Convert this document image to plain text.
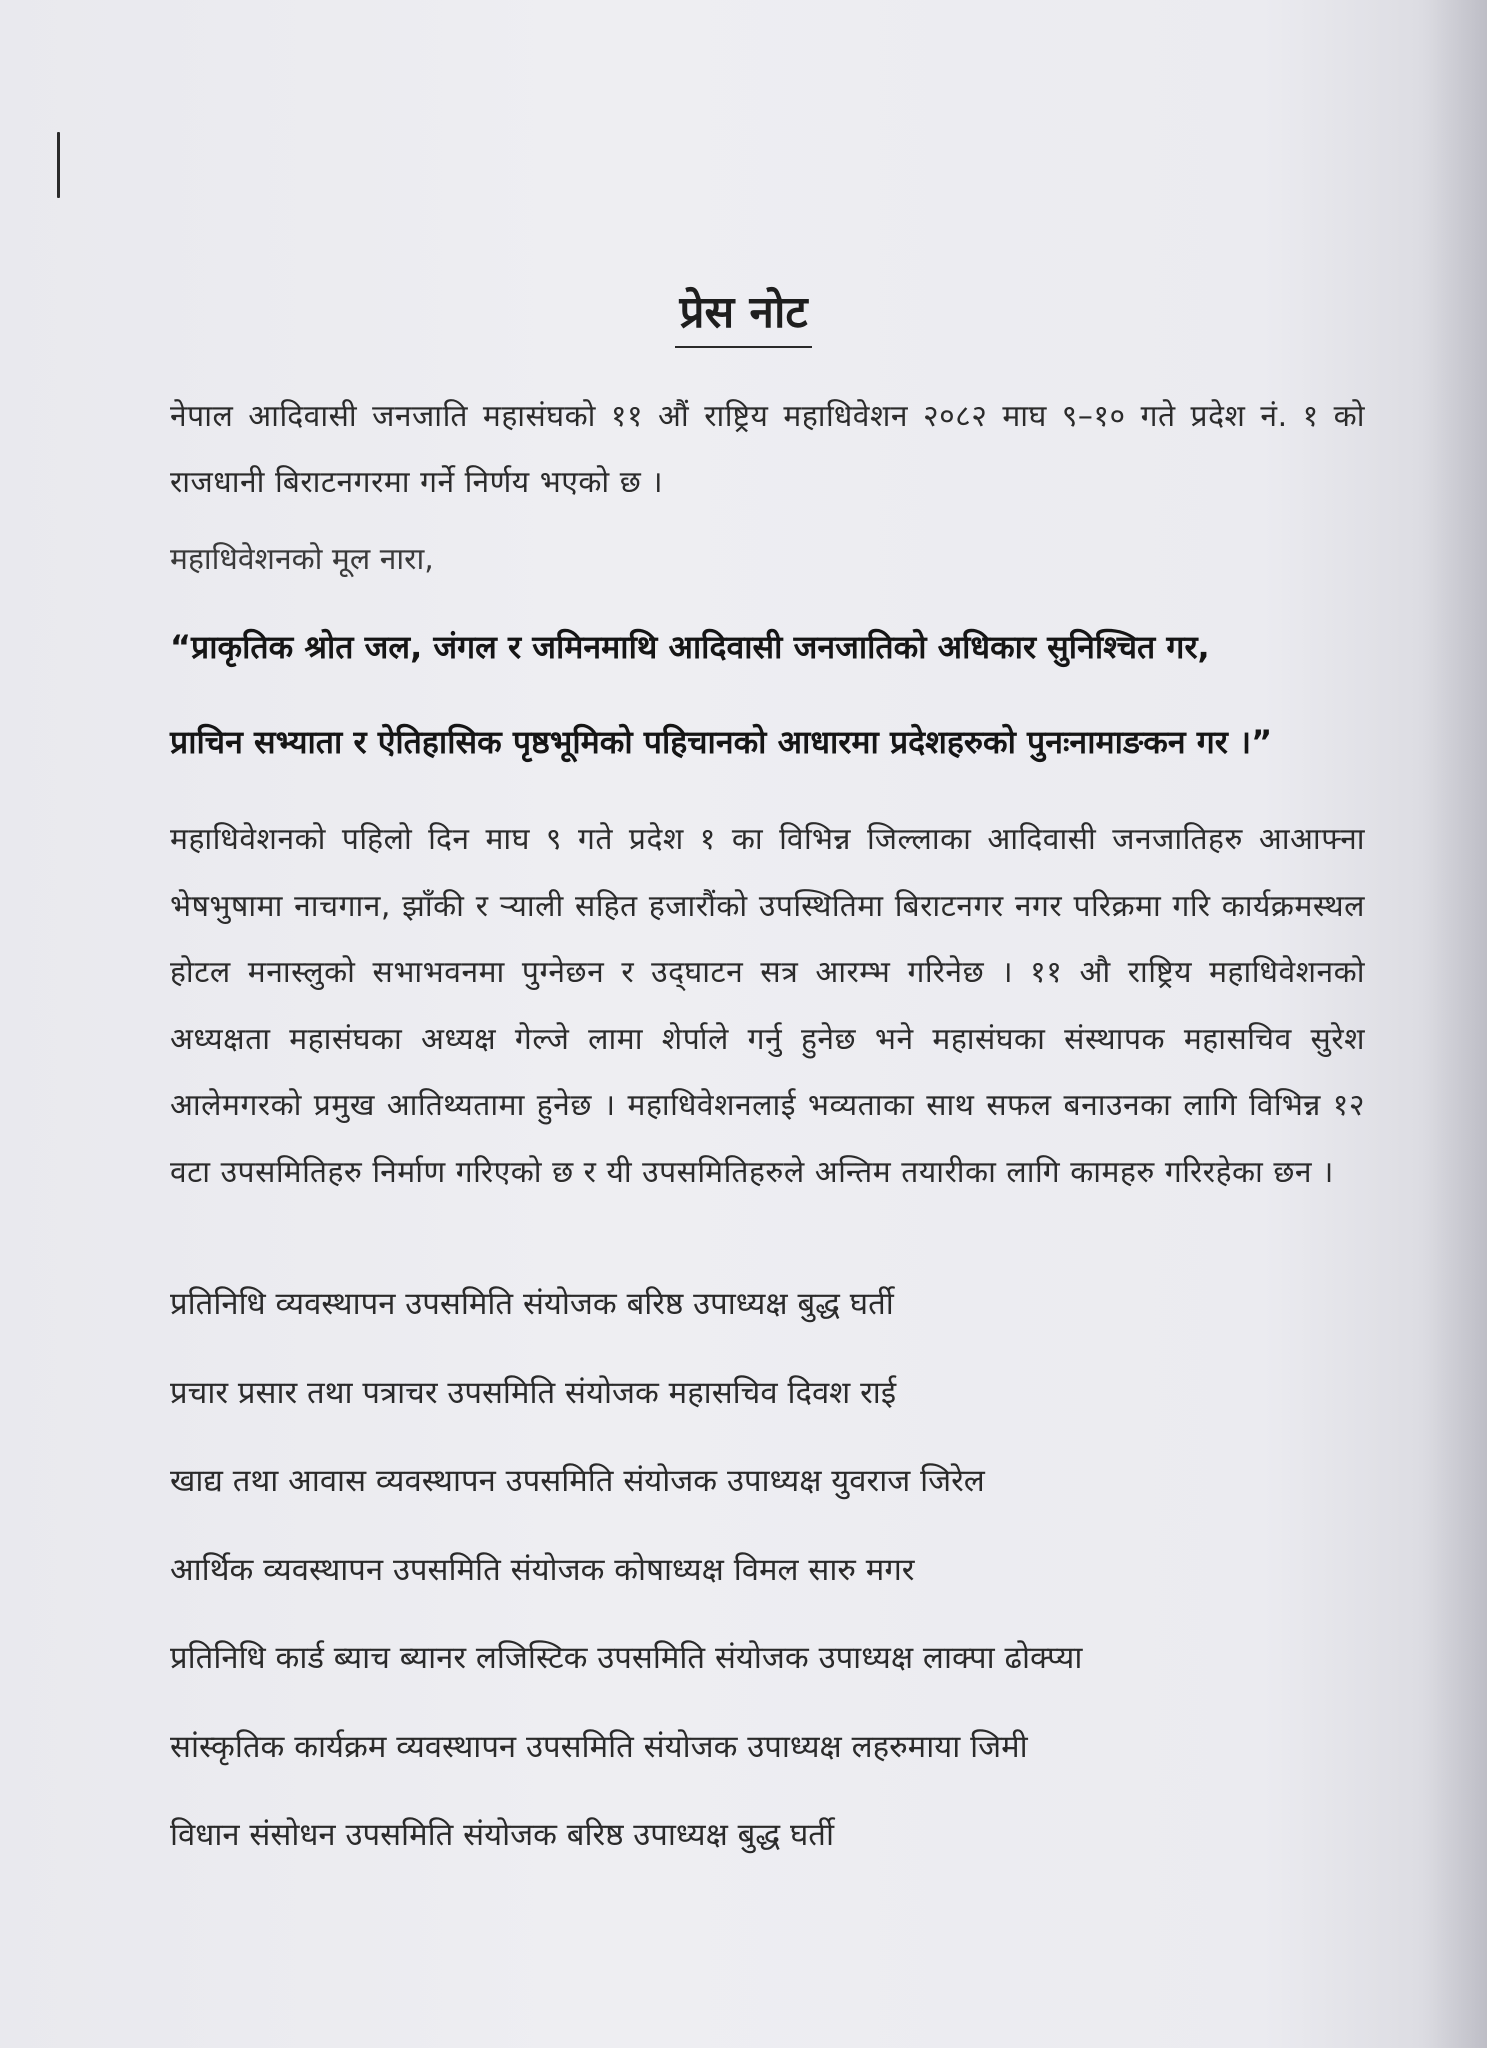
प्रेस नोट
नेपाल आदिवासी जनजाति महासंघको ११ औं राष्ट्रिय महाधिवेशन २०८२ माघ ९–१० गते प्रदेश नं. १ को राजधानी बिराटनगरमा गर्ने निर्णय भएको छ ।
महाधिवेशनको मूल नारा,
“प्राकृतिक श्रोत जल, जंगल र जमिनमाथि आदिवासी जनजातिको अधिकार सुनिश्चित गर,
प्राचिन सभ्याता र ऐतिहासिक पृष्ठभूमिको पहिचानको आधारमा प्रदेशहरुको पुनःनामाङकन गर ।”
महाधिवेशनको पहिलो दिन माघ ९ गते प्रदेश १ का विभिन्न जिल्लाका आदिवासी जनजातिहरु आआफ्ना भेषभुषामा नाचगान, झाँकी र र्‍याली सहित हजारौंको उपस्थितिमा बिराटनगर नगर परिक्रमा गरि कार्यक्रमस्थल होटल मनास्लुको सभाभवनमा पुग्नेछन र उद्‌घाटन सत्र आरम्भ गरिनेछ । ११ औ राष्ट्रिय महाधिवेशनको अध्यक्षता महासंघका अध्यक्ष गेल्जे लामा शेर्पाले गर्नु हुनेछ भने महासंघका संस्थापक महासचिव सुरेश आलेमगरको प्रमुख आतिथ्यतामा हुनेछ । महाधिवेशनलाई भव्यताका साथ सफल बनाउनका लागि विभिन्न १२ वटा उपसमितिहरु निर्माण गरिएको छ र यी उपसमितिहरुले अन्तिम तयारीका लागि कामहरु गरिरहेका छन ।
प्रतिनिधि व्यवस्थापन उपसमिति संयोजक बरिष्ठ उपाध्यक्ष बुद्ध घर्ती
प्रचार प्रसार तथा पत्राचर उपसमिति संयोजक महासचिव दिवश राई
खाद्य तथा आवास व्यवस्थापन उपसमिति संयोजक उपाध्यक्ष युवराज जिरेल
आर्थिक व्यवस्थापन उपसमिति संयोजक कोषाध्यक्ष विमल सारु मगर
प्रतिनिधि कार्ड ब्याच ब्यानर लजिस्टिक उपसमिति संयोजक उपाध्यक्ष लाक्पा ढोक्प्या
सांस्कृतिक कार्यक्रम व्यवस्थापन उपसमिति संयोजक उपाध्यक्ष लहरुमाया जिमी
विधान संसोधन उपसमिति संयोजक बरिष्ठ उपाध्यक्ष बुद्ध घर्ती
